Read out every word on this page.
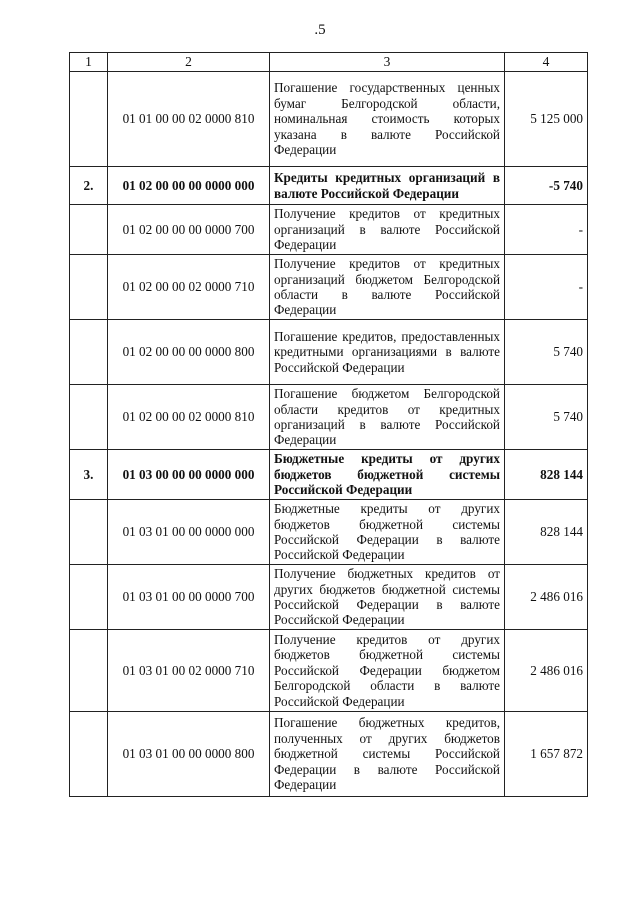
.5
1	2	3	4
	01 01 00 00 02 0000 810	Погашение государственных ценных бумаг Белгородской области, номинальная стоимость которых указана в валюте Российской Федерации	5 125 000
2.	01 02 00 00 00 0000 000	Кредиты кредитных организаций в валюте Российской Федерации	-5 740
	01 02 00 00 00 0000 700	Получение кредитов от кредитных организаций в валюте Российской Федерации	-
	01 02 00 00 02 0000 710	Получение кредитов от кредитных организаций бюджетом Белгородской области в валюте Российской Федерации	-
	01 02 00 00 00 0000 800	Погашение кредитов, предоставленных кредитными организациями в валюте Российской Федерации	5 740
	01 02 00 00 02 0000 810	Погашение бюджетом Белгородской области кредитов от кредитных организаций в валюте Российской Федерации	5 740
3.	01 03 00 00 00 0000 000	Бюджетные кредиты от других бюджетов бюджетной системы Российской Федерации	828 144
	01 03 01 00 00 0000 000	Бюджетные кредиты от других бюджетов бюджетной системы Российской Федерации в валюте Российской Федерации	828 144
	01 03 01 00 00 0000 700	Получение бюджетных кредитов от других бюджетов бюджетной системы Российской Федерации в валюте Российской Федерации	2 486 016
	01 03 01 00 02 0000 710	Получение кредитов от других бюджетов бюджетной системы Российской Федерации бюджетом Белгородской области в валюте Российской Федерации	2 486 016
	01 03 01 00 00 0000 800	Погашение бюджетных кредитов, полученных от других бюджетов бюджетной системы Российской Федерации в валюте Российской Федерации	1 657 872
